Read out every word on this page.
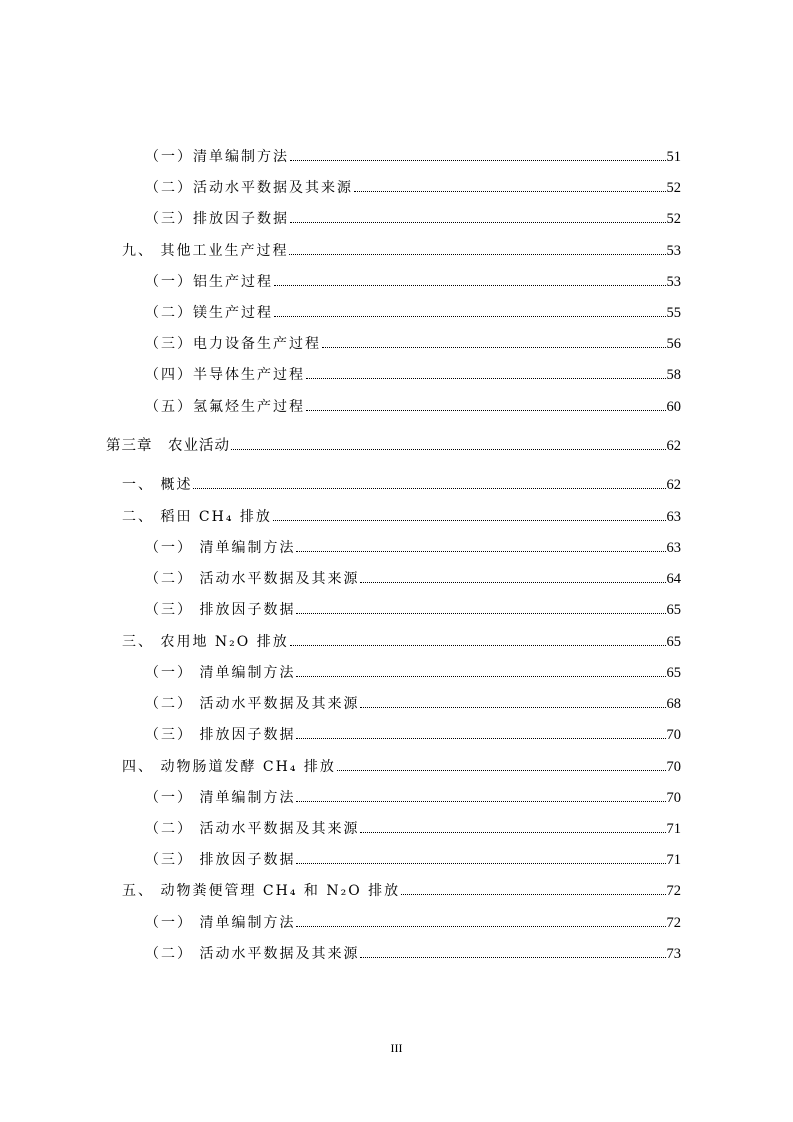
（一）清单编制方法	51
（二）活动水平数据及其来源	52
（三）排放因子数据	52
九、 其他工业生产过程	53
（一）铝生产过程	53
（二）镁生产过程	55
（三）电力设备生产过程	56
（四）半导体生产过程	58
（五）氢氟烃生产过程	60
第三章　农业活动	62
一、 概述	62
二、 稻田 CH₄ 排放	63
（一） 清单编制方法	63
（二） 活动水平数据及其来源	64
（三） 排放因子数据	65
三、 农用地 N₂O 排放	65
（一） 清单编制方法	65
（二） 活动水平数据及其来源	68
（三） 排放因子数据	70
四、 动物肠道发酵 CH₄ 排放	70
（一） 清单编制方法	70
（二） 活动水平数据及其来源	71
（三） 排放因子数据	71
五、 动物粪便管理 CH₄ 和 N₂O 排放	72
（一） 清单编制方法	72
（二） 活动水平数据及其来源	73
III
